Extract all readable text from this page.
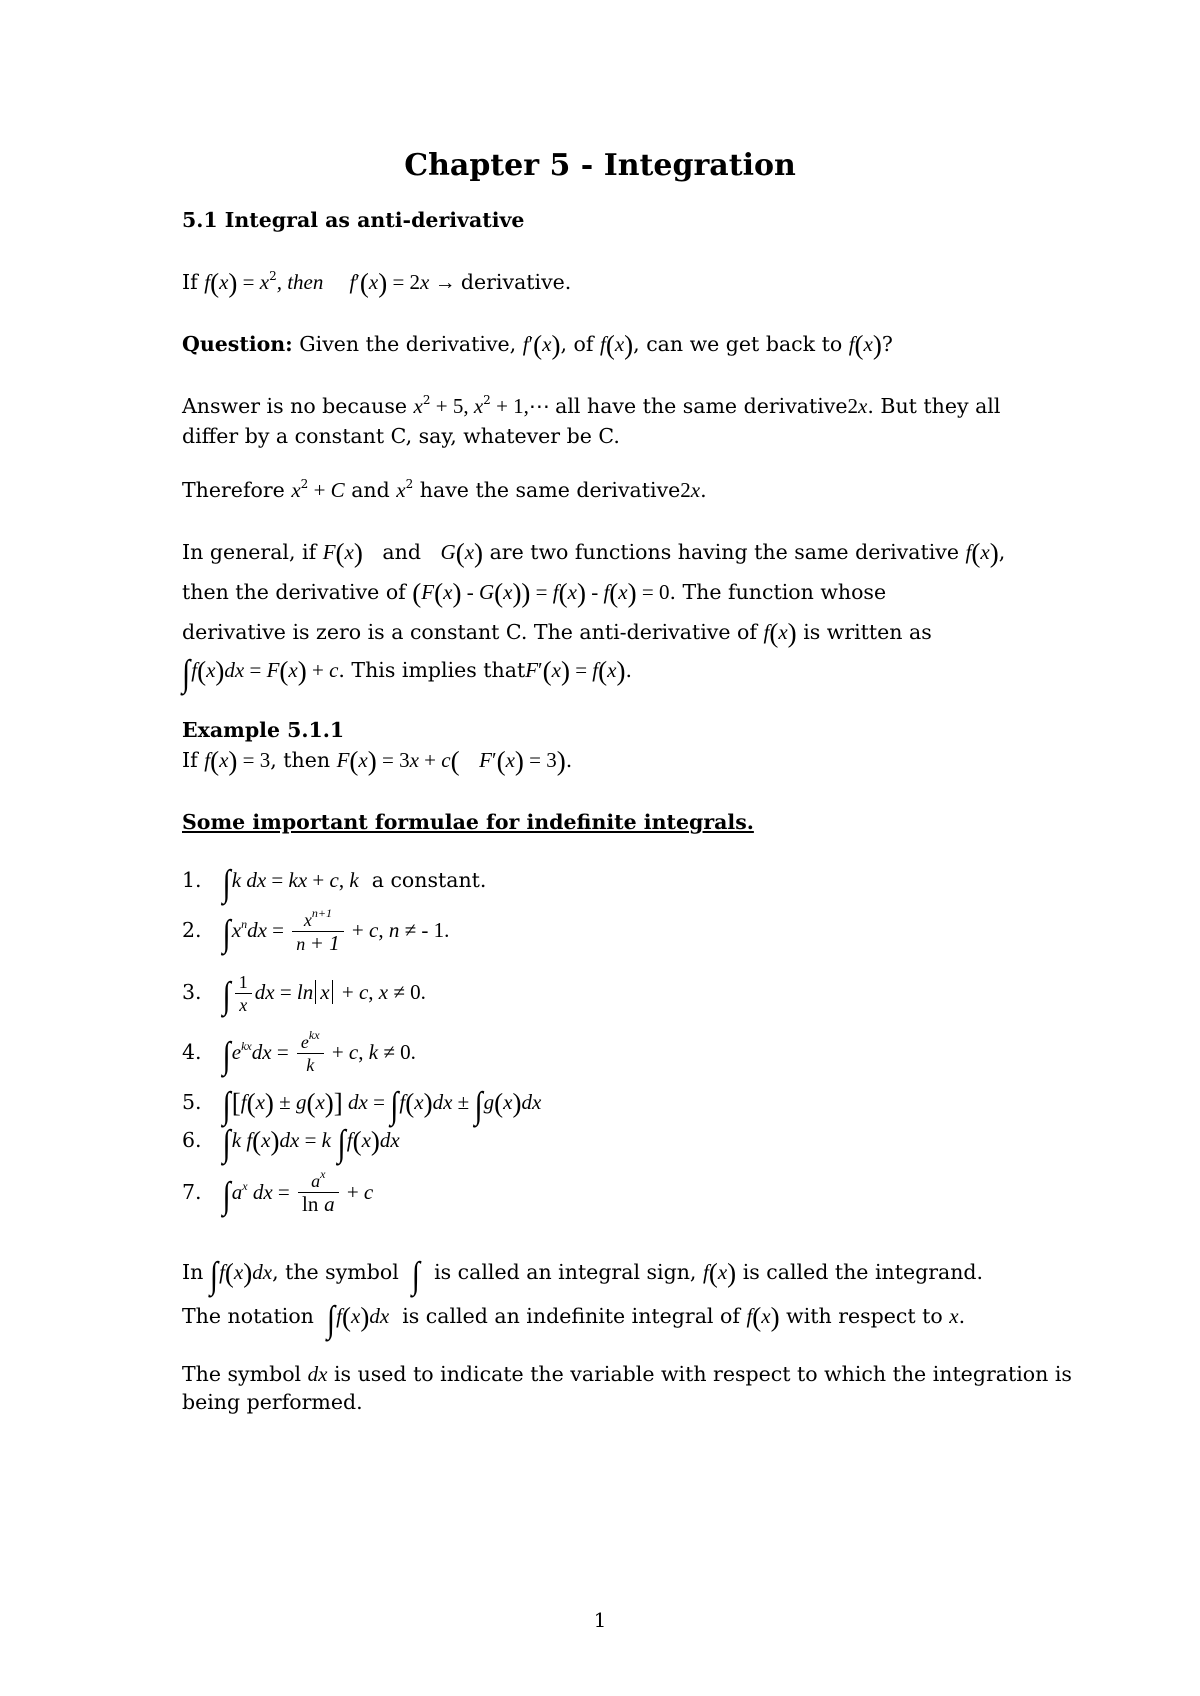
Chapter 5 - Integration
5.1 Integral as anti-derivative
If $f(x) = x^2$, then f′(x) = 2x → derivative.
Question: Given the derivative, f′(x), of f(x), can we get back to f(x)?
Answer is no because $x^2 + 5$, $x^2$ + 1,⋯ all have the same derivative2x. But they all
differ by a constant C, say, whatever be C.
Therefore $x^2 + C$ and $x^2$ have the same derivative2x.
In general, if F(x) and G(x) are two functions having the same derivative f(x),
then the derivative of (F(x) - G(x)) = f(x) - f(x) = 0. The function whose
derivative is zero is a constant C. The anti-derivative of f(x) is written as
∫f(x)dx = F(x) + c. This implies thatF′(x) = f(x).
Example 5.1.1
If f(x) = 3, then F(x) = 3x + c( F′(x) = 3).
Some important formulae for indefinite integrals.
1. ∫k dx = kx + c, k a constant.
2. $\int x^ndx = \frac{x^{n+1}}{n + 1} + c$, n ≠ - 1.
3. ∫ $\frac{1}{x}$ dx = ln x + c, x ≠ 0.
4. $\int e^{kx}dx = \frac{e^{kx}}{k} + c$, k ≠ 0.
5. ∫[f(x) ± g(x)] dx = ∫f(x)dx ± ∫g(x)dx
6. ∫k f(x)dx = k ∫f(x)dx
7. $\int a^x$ dx = $\frac{a^x}{\text{ln a}} + c$
In ∫f(x)dx, the symbol ∫ is called an integral sign, f(x) is called the integrand.
The notation ∫f(x)dx is called an indefinite integral of f(x) with respect to x.
The symbol dx is used to indicate the variable with respect to which the integration is
being performed.
1
